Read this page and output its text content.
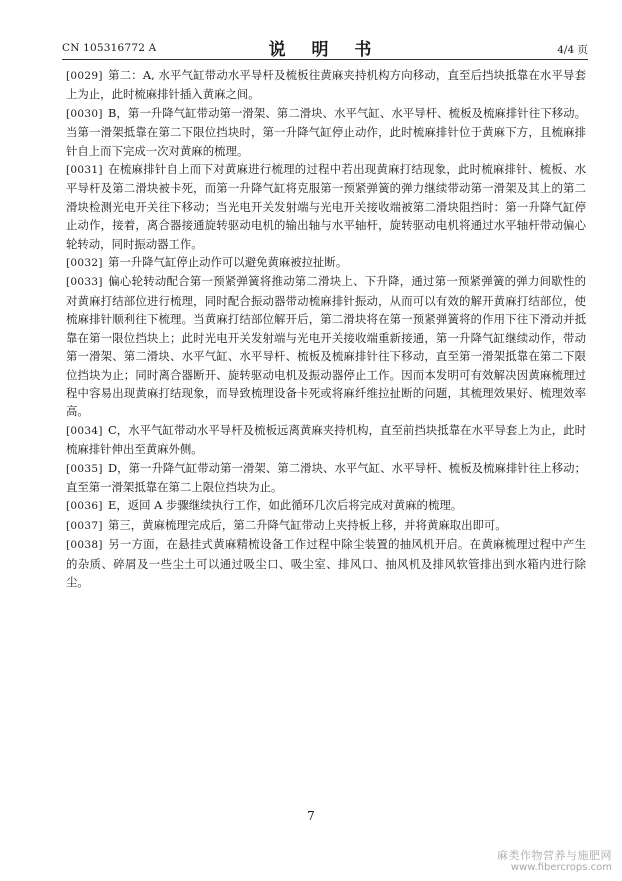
CN 105316772 A	说 明 书	4/4 页

[0029] 第二：A, 水平气缸带动水平导杆及梳板往黄麻夹持机构方向移动，直至后挡块抵靠在水平导套上为止，此时梳麻排针插入黄麻之间。

[0030] B，第一升降气缸带动第一滑架、第二滑块、水平气缸、水平导杆、梳板及梳麻排针往下移动。当第一滑架抵靠在第二下限位挡块时，第一升降气缸停止动作，此时梳麻排针位于黄麻下方，且梳麻排针自上而下完成一次对黄麻的梳理。

[0031] 在梳麻排针自上而下对黄麻进行梳理的过程中若出现黄麻打结现象，此时梳麻排针、梳板、水平导杆及第二滑块被卡死，而第一升降气缸将克服第一预紧弹簧的弹力继续带动第一滑架及其上的第二滑块检测光电开关往下移动；当光电开关发射端与光电开关接收端被第二滑块阻挡时：第一升降气缸停止动作，接着，离合器接通旋转驱动电机的输出轴与水平轴杆，旋转驱动电机将通过水平轴杆带动偏心轮转动，同时振动器工作。

[0032] 第一升降气缸停止动作可以避免黄麻被拉扯断。

[0033] 偏心轮转动配合第一预紧弹簧将推动第二滑块上、下升降，通过第一预紧弹簧的弹力间歇性的对黄麻打结部位进行梳理，同时配合振动器带动梳麻排针振动，从而可以有效的解开黄麻打结部位，使梳麻排针顺利往下梳理。当黄麻打结部位解开后，第二滑块将在第一预紧弹簧将的作用下往下滑动并抵靠在第一限位挡块上；此时光电开关发射端与光电开关接收端重新接通，第一升降气缸继续动作，带动第一滑架、第二滑块、水平气缸、水平导杆、梳板及梳麻排针往下移动，直至第一滑架抵靠在第二下限位挡块为止；同时离合器断开、旋转驱动电机及振动器停止工作。因而本发明可有效解决因黄麻梳理过程中容易出现黄麻打结现象，而导致梳理设备卡死或将麻纤维拉扯断的问题，其梳理效果好、梳理效率高。

[0034] C，水平气缸带动水平导杆及梳板远离黄麻夹持机构，直至前挡块抵靠在水平导套上为止，此时梳麻排针伸出至黄麻外侧。

[0035] D，第一升降气缸带动第一滑架、第二滑块、水平气缸、水平导杆、梳板及梳麻排针往上移动；直至第一滑架抵靠在第二上限位挡块为止。

[0036] E，返回 A 步骤继续执行工作，如此循环几次后将完成对黄麻的梳理。

[0037] 第三，黄麻梳理完成后，第二升降气缸带动上夹持板上移，并将黄麻取出即可。

[0038] 另一方面，在悬挂式黄麻精梳设备工作过程中除尘装置的抽风机开启。在黄麻梳理过程中产生的杂质、碎屑及一些尘土可以通过吸尘口、吸尘室、排风口、抽风机及排风软管排出到水箱内进行除尘。

7
麻类作物营养与施肥网
www.fibercrops.com
